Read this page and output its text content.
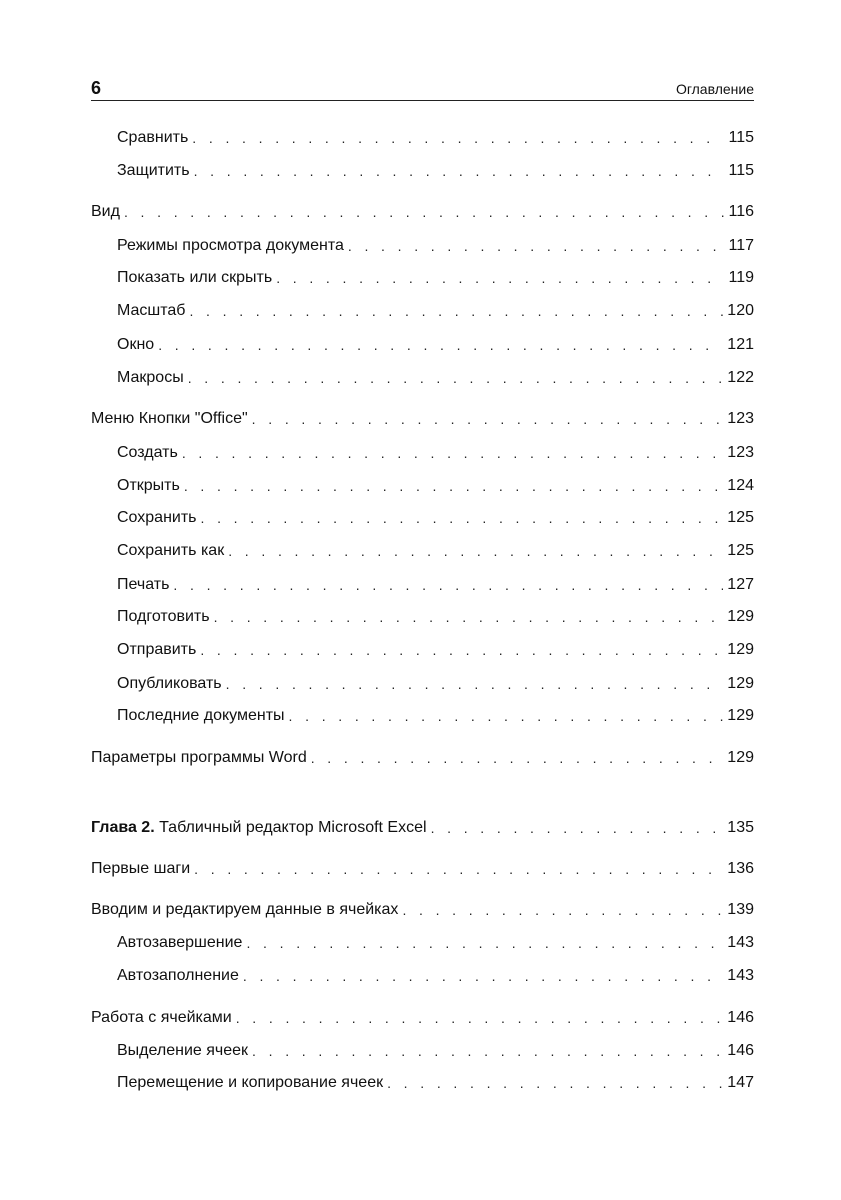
6	Оглавление
Сравнить . . .	115
Защитить . . .	115
Вид . . .	116
Режимы просмотра документа . . .	117
Показать или скрыть . . .	119
Масштаб . . .	120
Окно . . .	121
Макросы . . .	122
Меню Кнопки "Office" . . .	123
Создать . . .	123
Открыть . . .	124
Сохранить . . .	125
Сохранить как . . .	125
Печать . . .	127
Подготовить . . .	129
Отправить . . .	129
Опубликовать . . .	129
Последние документы . . .	129
Параметры программы Word . . .	129
Глава 2. Табличный редактор Microsoft Excel . . .	135
Первые шаги . . .	136
Вводим и редактируем данные в ячейках . . .	139
Автозавершение . . .	143
Автозаполнение . . .	143
Работа с ячейками . . .	146
Выделение ячеек . . .	146
Перемещение и копирование ячеек . . .	147
